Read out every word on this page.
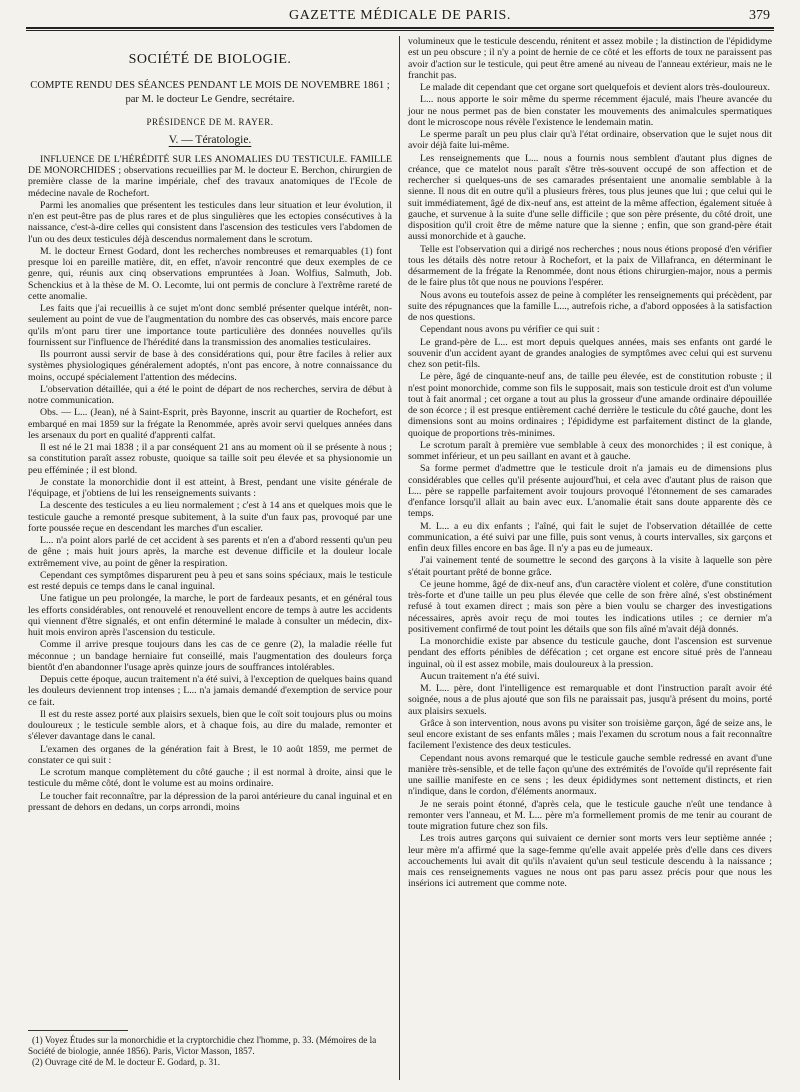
GAZETTE MÉDICALE DE PARIS.	379

SOCIÉTÉ DE BIOLOGIE.

COMPTE RENDU DES SÉANCES PENDANT LE MOIS DE NOVEMBRE 1861 ; par M. le docteur Le Gendre, secrétaire.

PRÉSIDENCE DE M. RAYER.

V. — Tératologie.

INFLUENCE DE L'HÉRÉDITÉ SUR LES ANOMALIES DU TESTICULE. FAMILLE DE MONORCHIDES ; observations recueillies par M. le docteur E. Berchon, chirurgien de première classe de la marine impériale, chef des travaux anatomiques de l'Ecole de médecine navale de Rochefort.

Parmi les anomalies que présentent les testicules dans leur situation et leur évolution, il n'en est peut-être pas de plus rares et de plus singulières que les ectopies consécutives à la naissance, c'est-à-dire celles qui consistent dans l'ascension des testicules vers l'abdomen de l'un ou des deux testicules déjà descendus normalement dans le scrotum.

M. le docteur Ernest Godard, dont les recherches nombreuses et remarquables (1) font presque loi en pareille matière, dit, en effet, n'avoir rencontré que deux exemples de ce genre, qui, réunis aux cinq observations empruntées à Joan. Wolfius, Salmuth, Job. Schenckius et à la thèse de M. O. Lecomte, lui ont permis de conclure à l'extrême rareté de cette anomalie.

Les faits que j'ai recueillis à ce sujet m'ont donc semblé présenter quelque intérêt, non-seulement au point de vue de l'augmentation du nombre des cas observés, mais encore parce qu'ils m'ont paru tirer une importance toute particulière des données nouvelles qu'ils fournissent sur l'influence de l'hérédité dans la transmission des anomalies testiculaires.

Ils pourront aussi servir de base à des considérations qui, pour être faciles à relier aux systèmes physiologiques généralement adoptés, n'ont pas encore, à notre connaissance du moins, occupé spécialement l'attention des médecins.

L'observation détaillée, qui a été le point de départ de nos recherches, servira de début à notre communication.

Obs. — L... (Jean), né à Saint-Esprit, près Bayonne, inscrit au quartier de Rochefort, est embarqué en mai 1859 sur la frégate la Renommée, après avoir servi quelques années dans les arsenaux du port en qualité d'apprenti calfat.

Il est né le 21 mai 1838 ; il a par conséquent 21 ans au moment où il se présente à nous ; sa constitution paraît assez robuste, quoique sa taille soit peu élevée et sa physionomie un peu efféminée ; il est blond.

Je constate la monorchidie dont il est atteint, à Brest, pendant une visite générale de l'équipage, et j'obtiens de lui les renseignements suivants :

La descente des testicules a eu lieu normalement ; c'est à 14 ans et quelques mois que le testicule gauche a remonté presque subitement, à la suite d'un faux pas, provoqué par une forte poussée reçue en descendant les marches d'un escalier.

L... n'a point alors parlé de cet accident à ses parents et n'en a d'abord ressenti qu'un peu de gêne ; mais huit jours après, la marche est devenue difficile et la douleur locale extrêmement vive, au point de gêner la respiration.

Cependant ces symptômes disparurent peu à peu et sans soins spéciaux, mais le testicule est resté depuis ce temps dans le canal inguinal.

Une fatigue un peu prolongée, la marche, le port de fardeaux pesants, et en général tous les efforts considérables, ont renouvelé et renouvellent encore de temps à autre les accidents qui viennent d'être signalés, et ont enfin déterminé le malade à consulter un médecin, dix-huit mois environ après l'ascension du testicule.

Comme il arrive presque toujours dans les cas de ce genre (2), la maladie réelle fut méconnue ; un bandage herniaire fut conseillé, mais l'augmentation des douleurs força bientôt d'en abandonner l'usage après quinze jours de souffrances intolérables.

Depuis cette époque, aucun traitement n'a été suivi, à l'exception de quelques bains quand les douleurs deviennent trop intenses ; L... n'a jamais demandé d'exemption de service pour ce fait.

Il est du reste assez porté aux plaisirs sexuels, bien que le coït soit toujours plus ou moins douloureux ; le testicule semble alors, et à chaque fois, au dire du malade, remonter et s'élever davantage dans le canal.

L'examen des organes de la génération fait à Brest, le 10 août 1859, me permet de constater ce qui suit :

Le scrotum manque complètement du côté gauche ; il est normal à droite, ainsi que le testicule du même côté, dont le volume est au moins ordinaire.

Le toucher fait reconnaître, par la dépression de la paroi antérieure du canal inguinal et en pressant de dehors en dedans, un corps arrondi, moins

(1) Voyez Études sur la monorchidie et la cryptorchidie chez l'homme, p. 33. (Mémoires de la Société de biologie, année 1856). Paris, Victor Masson, 1857.
(2) Ouvrage cité de M. le docteur E. Godard, p. 31.

volumineux que le testicule descendu, rénitent et assez mobile ; la distinction de l'épididyme est un peu obscure ; il n'y a point de hernie de ce côté et les efforts de toux ne paraissent pas avoir d'action sur le testicule, qui peut être amené au niveau de l'anneau extérieur, mais ne le franchit pas.

Le malade dit cependant que cet organe sort quelquefois et devient alors très-douloureux.

L... nous apporte le soir même du sperme récemment éjaculé, mais l'heure avancée du jour ne nous permet pas de bien constater les mouvements des animalcules spermatiques dont le microscope nous révèle l'existence le lendemain matin.

Le sperme paraît un peu plus clair qu'à l'état ordinaire, observation que le sujet nous dit avoir déjà faite lui-même.

Les renseignements que L... nous a fournis nous semblent d'autant plus dignes de créance, que ce matelot nous paraît s'être très-souvent occupé de son affection et de rechercher si quelques-uns de ses camarades présentaient une anomalie semblable à la sienne. Il nous dit en outre qu'il a plusieurs frères, tous plus jeunes que lui ; que celui qui le suit immédiatement, âgé de dix-neuf ans, est atteint de la même affection, également située à gauche, et survenue à la suite d'une selle difficile ; que son père présente, du côté droit, une disposition qu'il croit être de même nature que la sienne ; enfin, que son grand-père était aussi monorchide et à gauche.

Telle est l'observation qui a dirigé nos recherches ; nous nous étions proposé d'en vérifier tous les détails dès notre retour à Rochefort, et la paix de Villafranca, en déterminant le désarmement de la frégate la Renommée, dont nous étions chirurgien-major, nous a permis de le faire plus tôt que nous ne pouvions l'espérer.

Nous avons eu toutefois assez de peine à compléter les renseignements qui précèdent, par suite des répugnances que la famille L..., autrefois riche, a d'abord opposées à la satisfaction de nos questions.

Cependant nous avons pu vérifier ce qui suit :

Le grand-père de L... est mort depuis quelques années, mais ses enfants ont gardé le souvenir d'un accident ayant de grandes analogies de symptômes avec celui qui est survenu chez son petit-fils.

Le père, âgé de cinquante-neuf ans, de taille peu élevée, est de constitution robuste ; il n'est point monorchide, comme son fils le supposait, mais son testicule droit est d'un volume tout à fait anormal ; cet organe a tout au plus la grosseur d'une amande ordinaire dépouillée de son écorce ; il est presque entièrement caché derrière le testicule du côté gauche, dont les dimensions sont au moins ordinaires ; l'épididyme est parfaitement distinct de la glande, quoique de proportions très-minimes.

Le scrotum paraît à première vue semblable à ceux des monorchides ; il est conique, à sommet inférieur, et un peu saillant en avant et à gauche.

Sa forme permet d'admettre que le testicule droit n'a jamais eu de dimensions plus considérables que celles qu'il présente aujourd'hui, et cela avec d'autant plus de raison que L... père se rappelle parfaitement avoir toujours provoqué l'étonnement de ses camarades d'enfance lorsqu'il allait au bain avec eux. L'anomalie était sans doute apparente dès ce temps.

M. L... a eu dix enfants ; l'aîné, qui fait le sujet de l'observation détaillée de cette communication, a été suivi par une fille, puis sont venus, à courts intervalles, six garçons et enfin deux filles encore en bas âge. Il n'y a pas eu de jumeaux.

J'ai vainement tenté de soumettre le second des garçons à la visite à laquelle son père s'était pourtant prêté de bonne grâce.

Ce jeune homme, âgé de dix-neuf ans, d'un caractère violent et colère, d'une constitution très-forte et d'une taille un peu plus élevée que celle de son frère aîné, s'est obstinément refusé à tout examen direct ; mais son père a bien voulu se charger des investigations nécessaires, après avoir reçu de moi toutes les indications utiles ; ce dernier m'a positivement confirmé de tout point les détails que son fils aîné m'avait déjà donnés.

La monorchidie existe par absence du testicule gauche, dont l'ascension est survenue pendant des efforts pénibles de défécation ; cet organe est encore situé près de l'anneau inguinal, où il est assez mobile, mais douloureux à la pression.

Aucun traitement n'a été suivi.

M. L... père, dont l'intelligence est remarquable et dont l'instruction paraît avoir été soignée, nous a de plus ajouté que son fils ne paraissait pas, jusqu'à présent du moins, porté aux plaisirs sexuels.

Grâce à son intervention, nous avons pu visiter son troisième garçon, âgé de seize ans, le seul encore existant de ses enfants mâles ; mais l'examen du scrotum nous a fait reconnaître facilement l'existence des deux testicules.

Cependant nous avons remarqué que le testicule gauche semble redressé en avant d'une manière très-sensible, et de telle façon qu'une des extrémités de l'ovoïde qu'il représente fait une saillie manifeste en ce sens ; les deux épididymes sont nettement distincts, et rien n'indique, dans le cordon, d'éléments anormaux.

Je ne serais point étonné, d'après cela, que le testicule gauche n'eût une tendance à remonter vers l'anneau, et M. L... père m'a formellement promis de me tenir au courant de toute migration future chez son fils.

Les trois autres garçons qui suivaient ce dernier sont morts vers leur septième année ; leur mère m'a affirmé que la sage-femme qu'elle avait appelée près d'elle dans ces divers accouchements lui avait dit qu'ils n'avaient qu'un seul testicule descendu à la naissance ; mais ces renseignements vagues ne nous ont pas paru assez précis pour que nous les insérions ici autrement que comme note.
